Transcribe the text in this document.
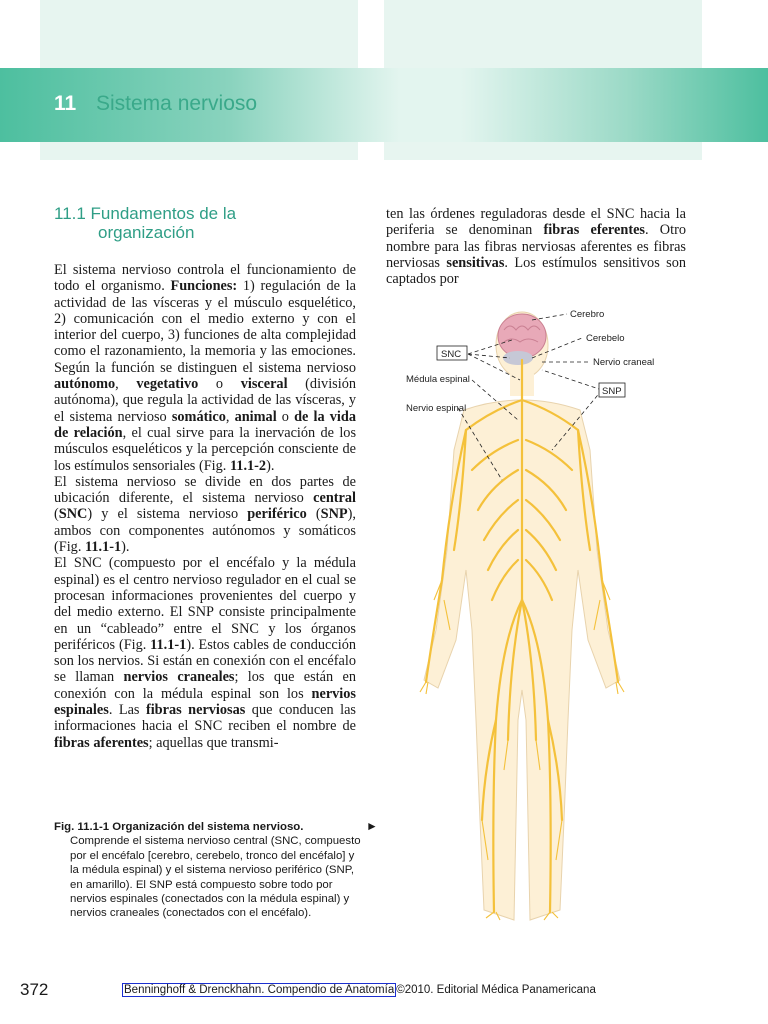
11 Sistema nervioso
11.1 Fundamentos de la
organización
El sistema nervioso controla el funcionamiento de todo el organismo. Funciones: 1) regulación de la actividad de las vísceras y el músculo esquelético, 2) comunicación con el medio externo y con el interior del cuerpo, 3) funciones de alta complejidad como el razonamiento, la memoria y las emociones. Según la función se distinguen el sistema nervioso autónomo, vegetativo o visceral (división autónoma), que regula la actividad de las vísceras, y el sistema nervioso somático, animal o de la vida de relación, el cual sirve para la inervación de los músculos esqueléticos y la percepción consciente de los estímulos sensoriales (Fig. 11.1-2).
El sistema nervioso se divide en dos partes de ubicación diferente, el sistema nervioso central (SNC) y el sistema nervioso periférico (SNP), ambos con componentes autónomos y somáticos (Fig. 11.1-1).
El SNC (compuesto por el encéfalo y la médula espinal) es el centro nervioso regulador en el cual se procesan informaciones provenientes del cuerpo y del medio externo. El SNP consiste principalmente en un “cableado” entre el SNC y los órganos periféricos (Fig. 11.1-1). Estos cables de conducción son los nervios. Si están en conexión con el encéfalo se llaman nervios craneales; los que están en conexión con la médula espinal son los nervios espinales. Las fibras nerviosas que conducen las informaciones hacia el SNC reciben el nombre de fibras aferentes; aquellas que transmi-
ten las órdenes reguladoras desde el SNC hacia la periferia se denominan fibras eferentes. Otro nombre para las fibras nerviosas aferentes es fibras nerviosas sensitivas. Los estímulos sensitivos son captados por
Cerebro
Cerebelo
Nervio craneal
SNC
SNP
Médula espinal
Nervio espinal
Fig. 11.1-1 Organización del sistema nervioso.	►
Comprende el sistema nervioso central (SNC, compuesto por el encéfalo [cerebro, cerebelo, tronco del encéfalo] y la médula espinal) y el sistema nervioso periférico (SNP, en amarillo). El SNP está compuesto sobre todo por nervios espinales (conectados con la médula espinal) y nervios craneales (conectados con el encéfalo).
372	Benninghoff & Drenckhahn. Compendio de Anatomía ©2010. Editorial Médica Panamericana
